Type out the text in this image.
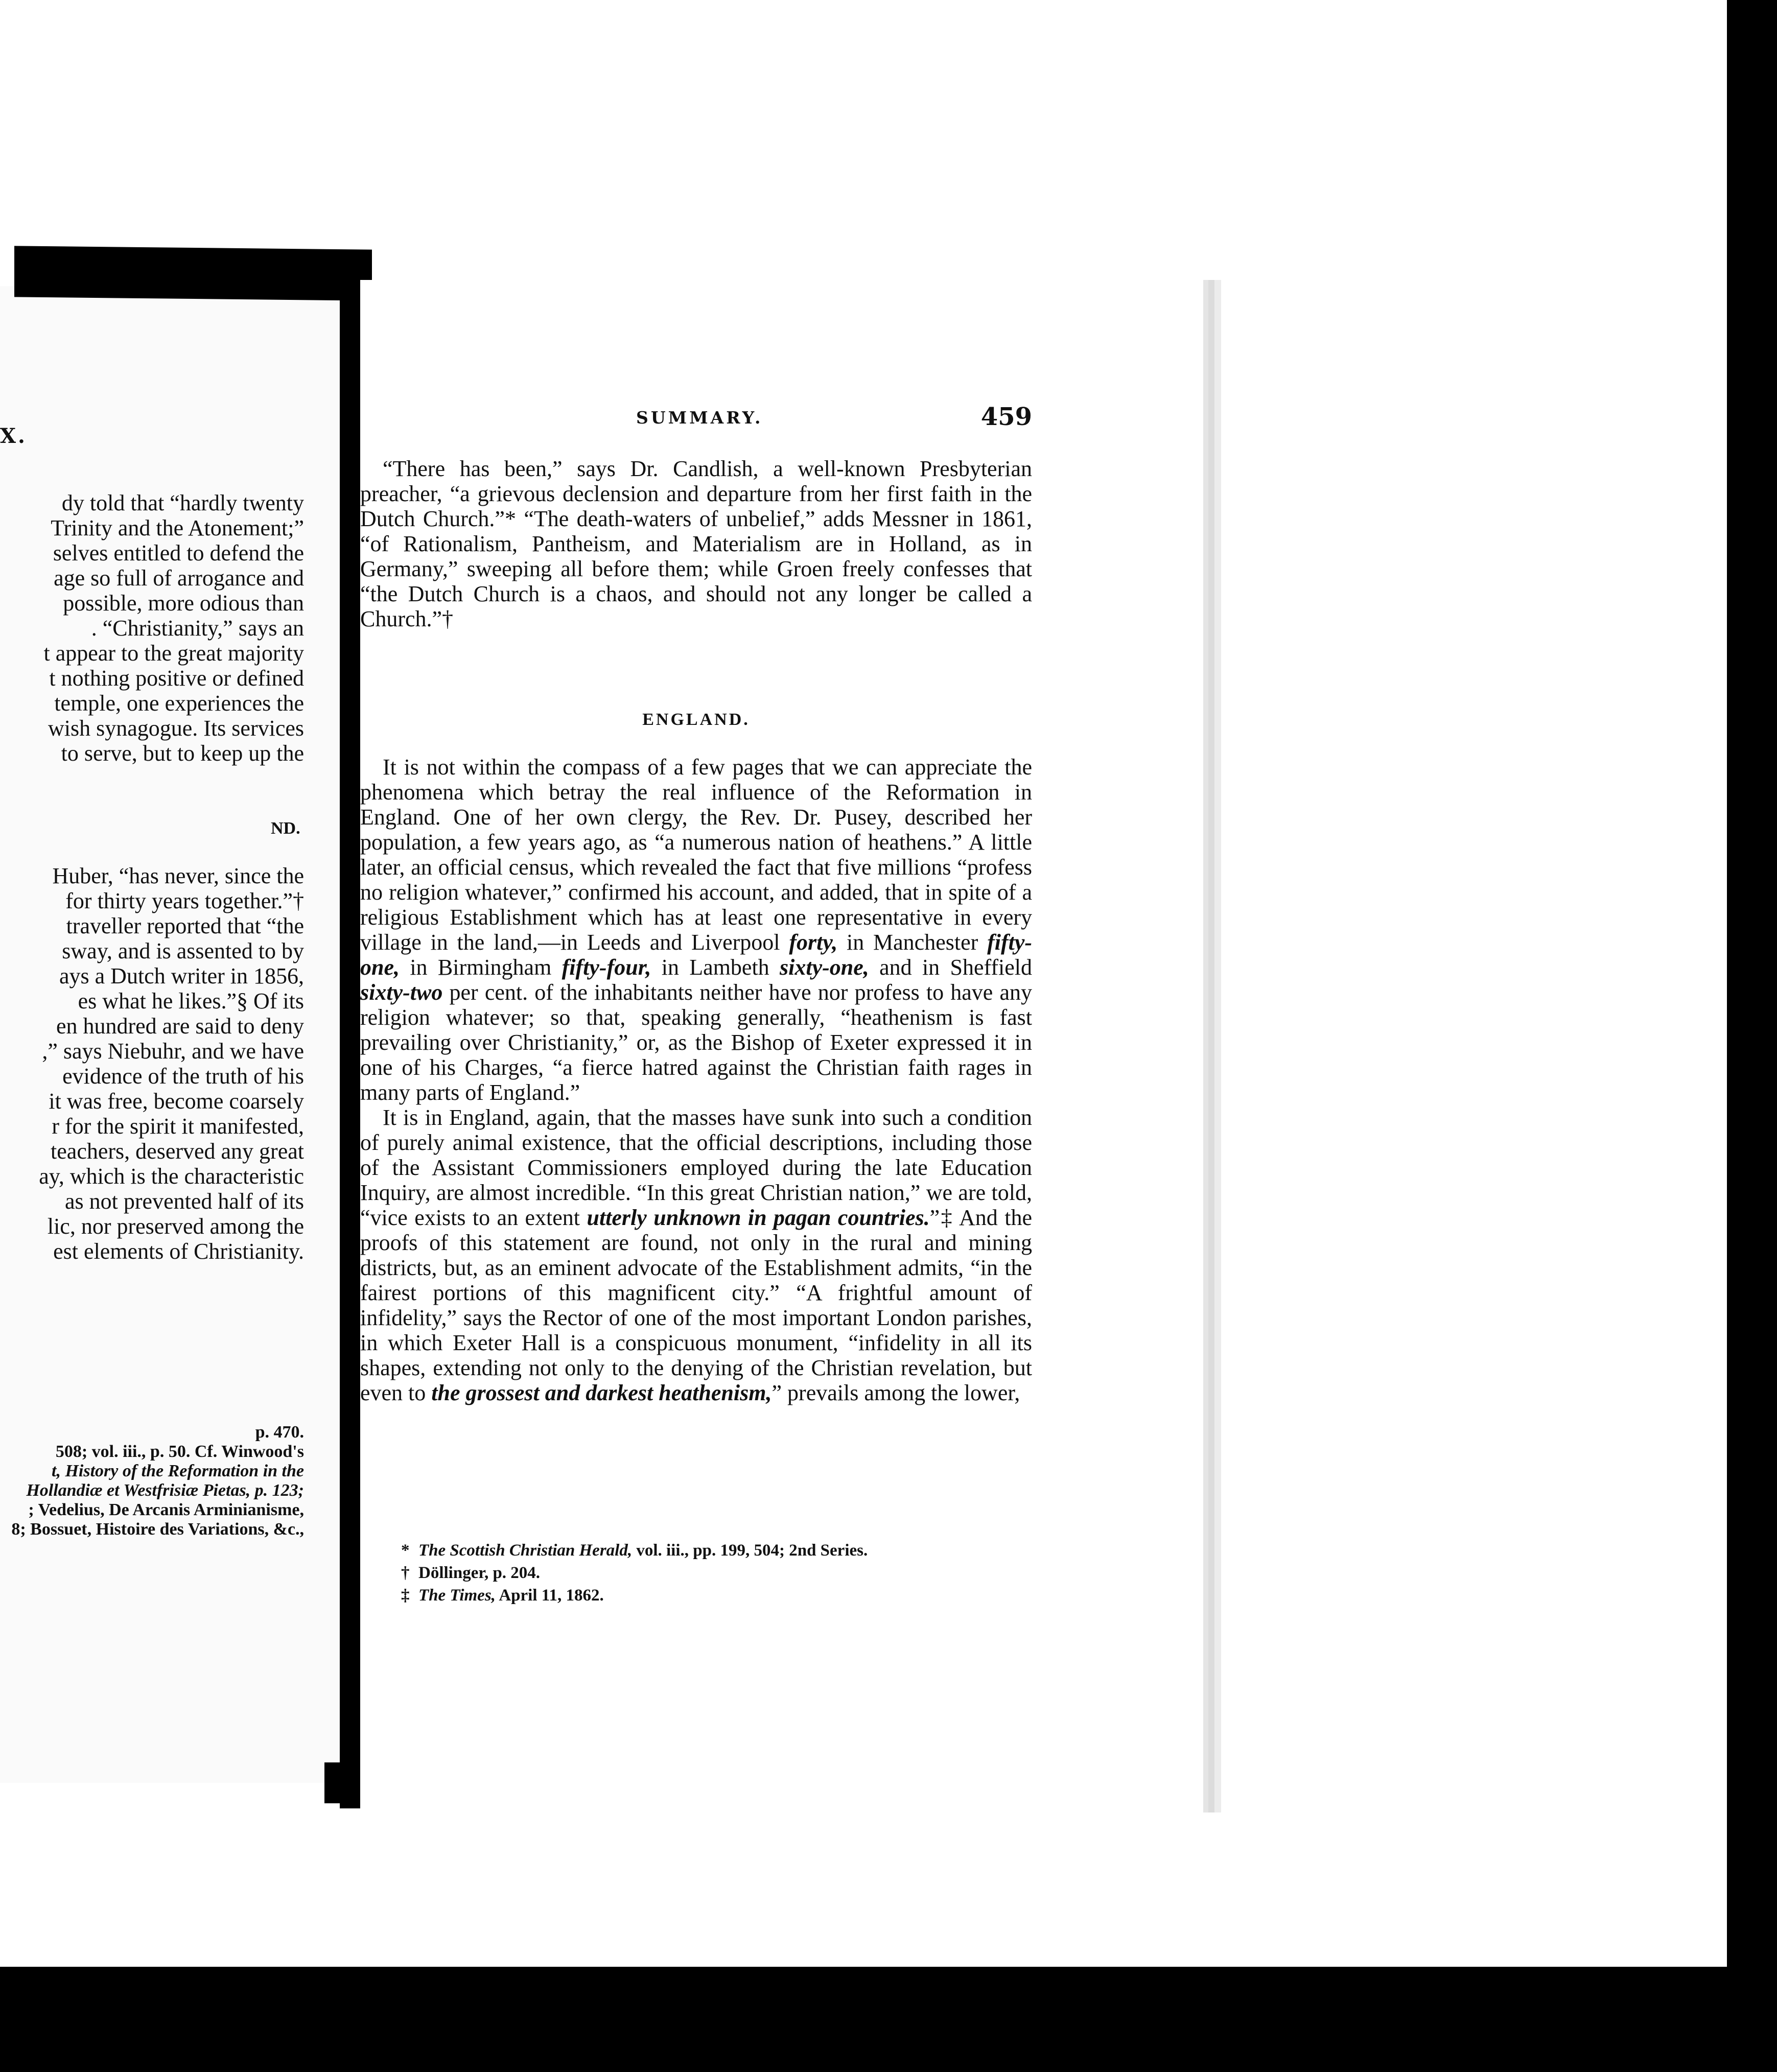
X.
dy told that “hardly twenty
Trinity and the Atonement;”
selves entitled to defend the
age so full of arrogance and
possible, more odious than
. “Christianity,” says an
t appear to the great majority
t nothing positive or defined
temple, one experiences the
wish synagogue. Its services
to serve, but to keep up the
ND.
Huber, “has never, since the
for thirty years together.”†
traveller reported that “the
sway, and is assented to by
ays a Dutch writer in 1856,
es what he likes.”§ Of its
en hundred are said to deny
,” says Niebuhr, and we have
evidence of the truth of his
it was free, become coarsely
r for the spirit it manifested,
teachers, deserved any great
ay, which is the characteristic
as not prevented half of its
lic, nor preserved among the
est elements of Christianity.
p. 470.
508; vol. iii., p. 50. Cf. Winwood's
t, History of the Reformation in the
Hollandiæ et Westfrisiæ Pietas, p. 123;
; Vedelius, De Arcanis Arminianisme,
8; Bossuet, Histoire des Variations, &c.,
SUMMARY.	459

“There has been,” says Dr. Candlish, a well-known Presbyterian preacher, “a grievous declension and departure from her first faith in the Dutch Church.”* “The death-waters of unbelief,” adds Messner in 1861, “of Rationalism, Pantheism, and Materialism are in Holland, as in Germany,” sweeping all before them; while Groen freely confesses that “the Dutch Church is a chaos, and should not any longer be called a Church.”†

ENGLAND.

It is not within the compass of a few pages that we can appreciate the phenomena which betray the real influence of the Reformation in England. One of her own clergy, the Rev. Dr. Pusey, described her population, a few years ago, as “a numerous nation of heathens.” A little later, an official census, which revealed the fact that five millions “profess no religion whatever,” confirmed his account, and added, that in spite of a religious Establishment which has at least one representative in every village in the land,—in Leeds and Liverpool forty, in Manchester fifty-one, in Birmingham fifty-four, in Lambeth sixty-one, and in Sheffield sixty-two per cent. of the inhabitants neither have nor profess to have any religion whatever; so that, speaking generally, “heathenism is fast prevailing over Christianity,” or, as the Bishop of Exeter expressed it in one of his Charges, “a fierce hatred against the Christian faith rages in many parts of England.”

It is in England, again, that the masses have sunk into such a condition of purely animal existence, that the official descriptions, including those of the Assistant Commissioners employed during the late Education Inquiry, are almost incredible. “In this great Christian nation,” we are told, “vice exists to an extent utterly unknown in pagan countries.”‡ And the proofs of this statement are found, not only in the rural and mining districts, but, as an eminent advocate of the Establishment admits, “in the fairest portions of this magnificent city.” “A frightful amount of infidelity,” says the Rector of one of the most important London parishes, in which Exeter Hall is a conspicuous monument, “infidelity in all its shapes, extending not only to the denying of the Christian revelation, but even to the grossest and darkest heathenism,” prevails among the lower,

* The Scottish Christian Herald, vol. iii., pp. 199, 504; 2nd Series.
† Döllinger, p. 204.
‡ The Times, April 11, 1862.
